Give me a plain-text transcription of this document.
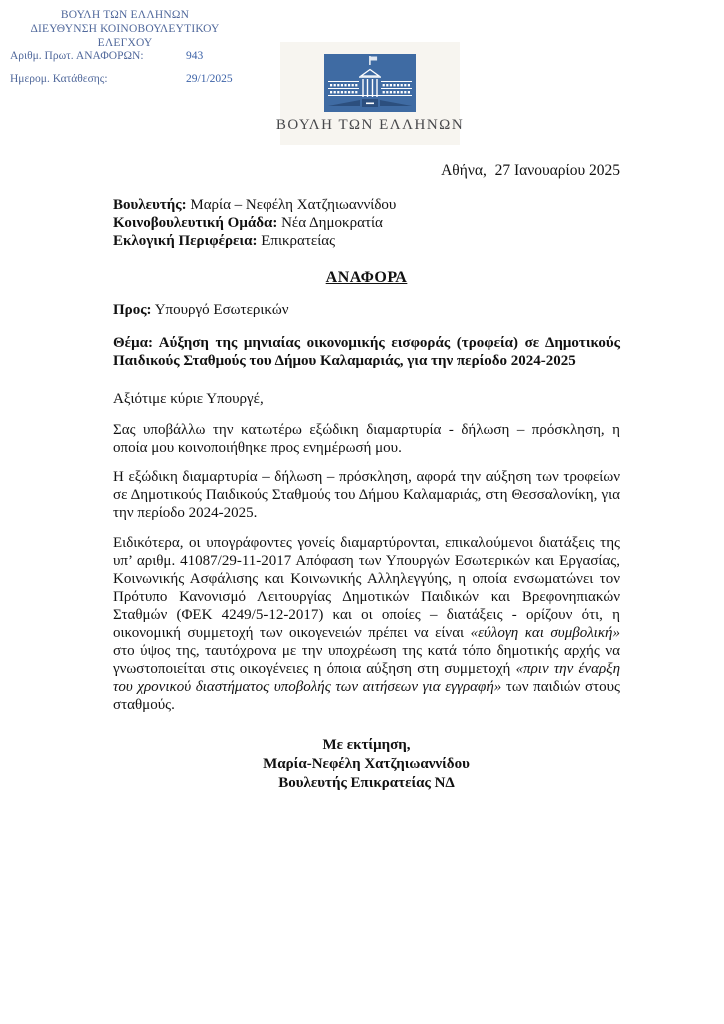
ΒΟΥΛΗ ΤΩΝ ΕΛΛΗΝΩΝ
ΔΙΕΥΘΥΝΣΗ ΚΟΙΝΟΒΟΥΛΕΥΤΙΚΟΥ ΕΛΕΓΧΟΥ
Αριθμ. Πρωτ. ΑΝΑΦΟΡΩΝ:	943
Ημερομ. Κατάθεσης:	29/1/2025
ΒΟΥΛΗ ΤΩΝ ΕΛΛΗΝΩΝ
Αθήνα,  27 Ιανουαρίου 2025

Βουλευτής: Μαρία – Νεφέλη Χατζηιωαννίδου

Κοινοβουλευτική Ομάδα: Νέα Δημοκρατία

Εκλογική Περιφέρεια: Επικρατείας

ΑΝΑΦΟΡΑ

Προς: Υπουργό Εσωτερικών

Θέμα: Αύξηση της μηνιαίας οικονομικής εισφοράς (τροφεία) σε Δημοτικούς Παιδικούς Σταθμούς του Δήμου Καλαμαριάς, για την περίοδο 2024-2025

Αξιότιμε κύριε Υπουργέ,

Σας υποβάλλω την κατωτέρω εξώδικη διαμαρτυρία - δήλωση – πρόσκληση, η οποία μου κοινοποιήθηκε προς ενημέρωσή μου.

Η εξώδικη διαμαρτυρία – δήλωση – πρόσκληση, αφορά την αύξηση των τροφείων σε Δημοτικούς Παιδικούς Σταθμούς του Δήμου Καλαμαριάς, στη Θεσσαλονίκη, για την περίοδο 2024-2025.

Ειδικότερα, οι υπογράφοντες γονείς διαμαρτύρονται, επικαλούμενοι διατάξεις της υπ’ αριθμ. 41087/29-11-2017 Απόφαση των Υπουργών Εσωτερικών και Εργασίας, Κοινωνικής Ασφάλισης και Κοινωνικής Αλληλεγγύης, η οποία ενσωματώνει τον Πρότυπο Κανονισμό Λειτουργίας Δημοτικών Παιδικών και Βρεφονηπιακών Σταθμών (ΦΕΚ 4249/5-12-2017) και οι οποίες – διατάξεις - ορίζουν ότι, η οικονομική συμμετοχή των οικογενειών πρέπει να είναι «εύλογη και συμβολική» στο ύψος της, ταυτόχρονα με την υποχρέωση της κατά τόπο δημοτικής αρχής να γνωστοποιείται στις οικογένειες η όποια αύξηση στη συμμετοχή «πριν την έναρξη του χρονικού διαστήματος υποβολής των αιτήσεων για εγγραφή» των παιδιών στους σταθμούς.

Με εκτίμηση,
Μαρία-Νεφέλη Χατζηιωαννίδου
Βουλευτής Επικρατείας ΝΔ
